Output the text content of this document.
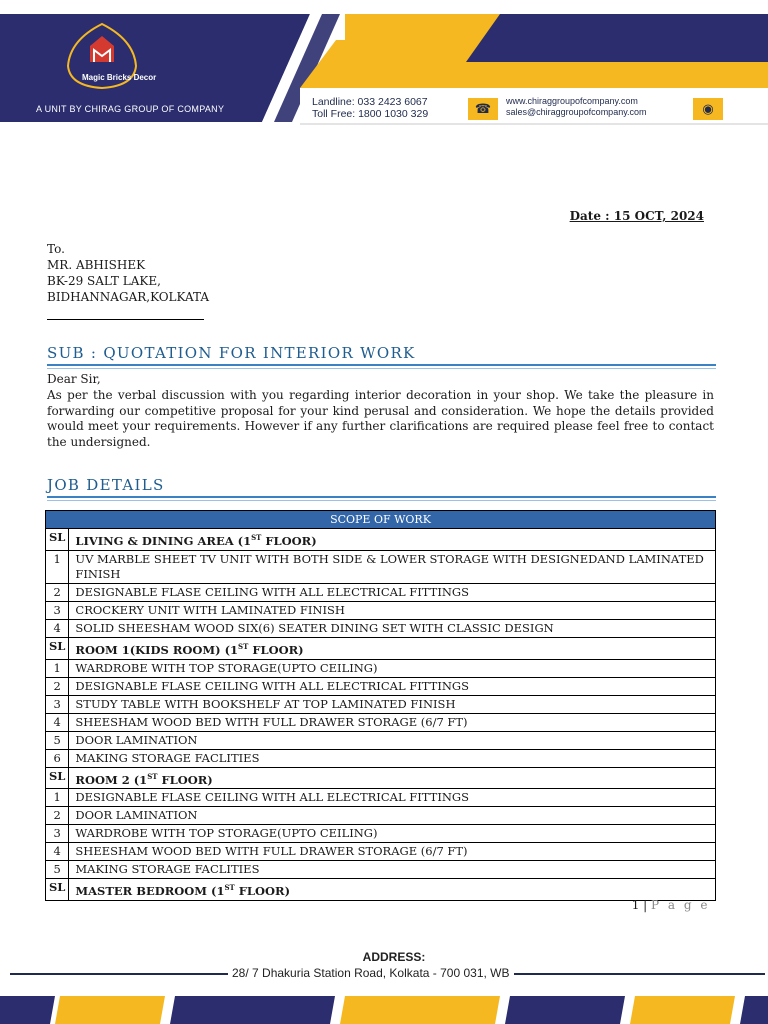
Magic Bricks Decor
A UNIT BY CHIRAG GROUP OF COMPANY
Landline: 033 2423 6067
Toll Free: 1800 1030 329	☎
www.chiraggroupofcompany.com
sales@chiraggroupofcompany.com	◉
Date : 15 OCT, 2024
To.
MR. ABHISHEK
BK-29 SALT LAKE,
BIDHANNAGAR,KOLKATA
SUB : QUOTATION FOR INTERIOR WORK
Dear Sir,
As per the verbal discussion with you regarding interior decoration in your shop. We take the pleasure in forwarding our competitive proposal for your kind perusal and consideration. We hope the details provided would meet your requirements. However if any further clarifications are required please feel free to contact the undersigned.
JOB DETAILS
SCOPE OF WORK	
SL	LIVING & DINING AREA (1ST FLOOR)
1	UV MARBLE SHEET TV UNIT WITH BOTH SIDE & LOWER STORAGE WITH DESIGNEDAND LAMINATED FINISH
2	DESIGNABLE FLASE CEILING WITH ALL ELECTRICAL FITTINGS
3	CROCKERY UNIT WITH LAMINATED FINISH
4	SOLID SHEESHAM WOOD SIX(6) SEATER DINING SET WITH CLASSIC DESIGN
SL	ROOM 1(KIDS ROOM) (1ST FLOOR)
1	WARDROBE WITH TOP STORAGE(UPTO CEILING)
2	DESIGNABLE FLASE CEILING WITH ALL ELECTRICAL FITTINGS
3	STUDY TABLE WITH BOOKSHELF AT TOP LAMINATED FINISH
4	SHEESHAM WOOD BED WITH FULL DRAWER STORAGE (6/7 FT)
5	DOOR LAMINATION
6	MAKING STORAGE FACLITIES
SL	ROOM 2 (1ST FLOOR)
1	DESIGNABLE FLASE CEILING WITH ALL ELECTRICAL FITTINGS
2	DOOR LAMINATION
3	WARDROBE WITH TOP STORAGE(UPTO CEILING)
4	SHEESHAM WOOD BED WITH FULL DRAWER STORAGE (6/7 FT)
5	MAKING STORAGE FACLITIES
SL	MASTER BEDROOM (1ST FLOOR)
1 | P a g e
ADDRESS:
28/ 7 Dhakuria Station Road, Kolkata - 700 031, WB
